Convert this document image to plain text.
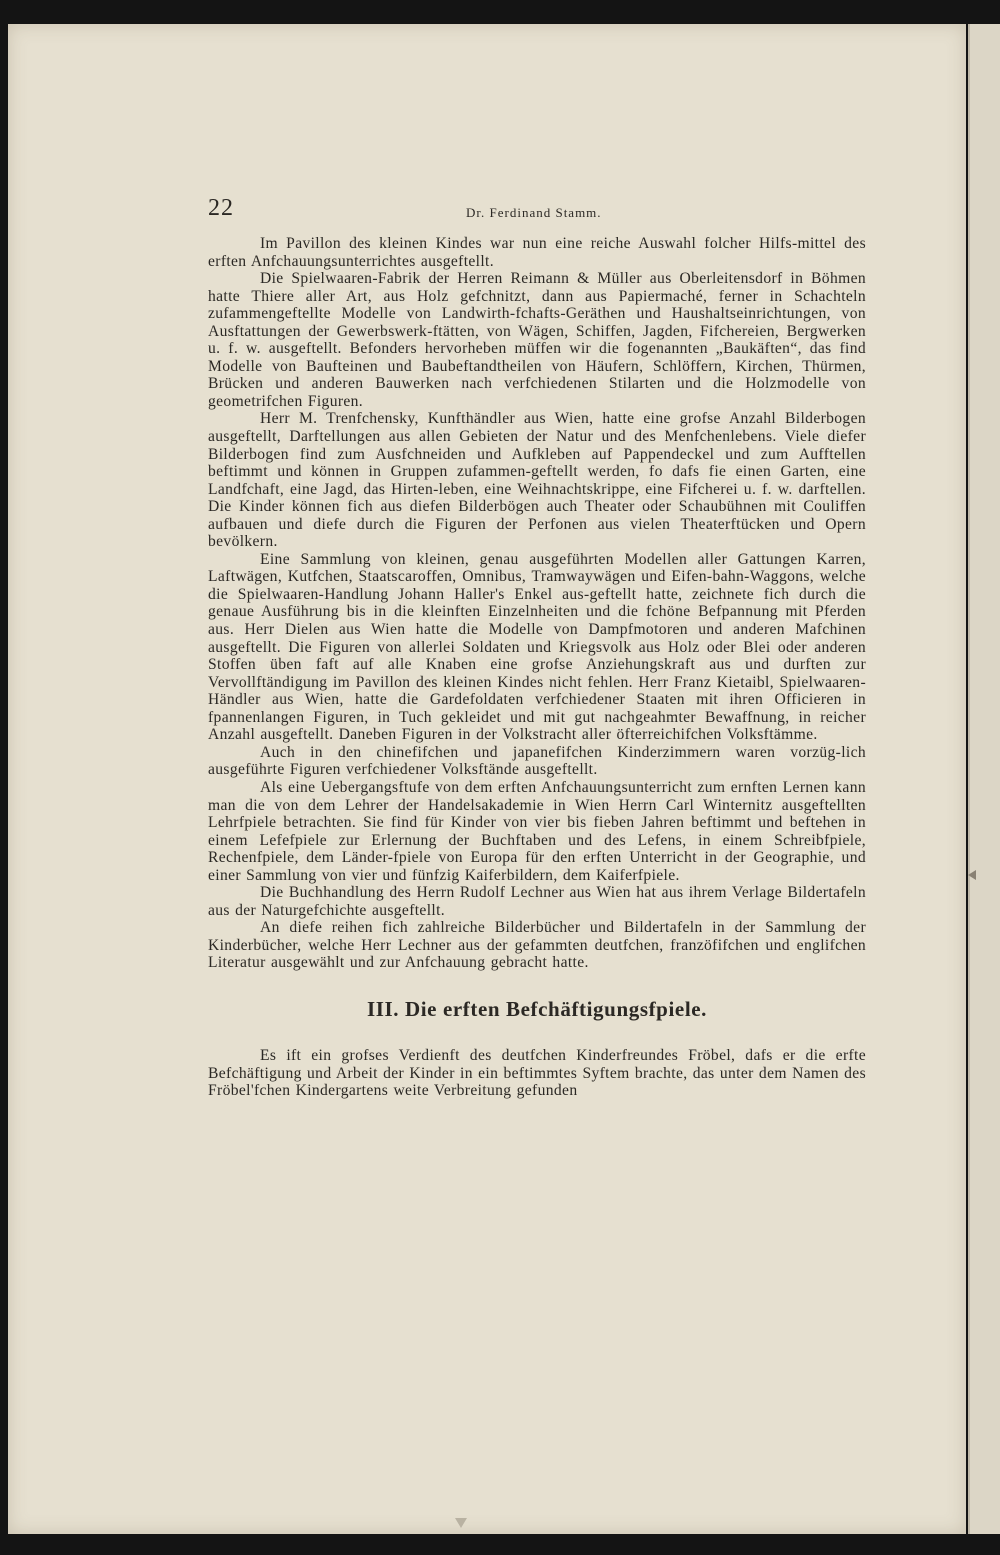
22	Dr. Ferdinand Stamm.

Im Pavillon des kleinen Kindes war nun eine reiche Auswahl folcher Hilfs-mittel des erften Anfchauungsunterrichtes ausgeftellt.

Die Spielwaaren-Fabrik der Herren Reimann & Müller aus Oberleitensdorf in Böhmen hatte Thiere aller Art, aus Holz gefchnitzt, dann aus Papiermaché, ferner in Schachteln zufammengeftellte Modelle von Landwirth-fchafts-Geräthen und Haushaltseinrichtungen, von Ausftattungen der Gewerbswerk-ftätten, von Wägen, Schiffen, Jagden, Fifchereien, Bergwerken u. f. w. ausgeftellt. Befonders hervorheben müffen wir die fogenannten „Baukäften“, das find Modelle von Baufteinen und Baubeftandtheilen von Häufern, Schlöffern, Kirchen, Thürmen, Brücken und anderen Bauwerken nach verfchiedenen Stilarten und die Holzmodelle von geometrifchen Figuren.

Herr M. Trenfchensky, Kunfthändler aus Wien, hatte eine grofse Anzahl Bilderbogen ausgeftellt, Darftellungen aus allen Gebieten der Natur und des Menfchenlebens. Viele diefer Bilderbogen find zum Ausfchneiden und Aufkleben auf Pappendeckel und zum Aufftellen beftimmt und können in Gruppen zufammen-geftellt werden, fo dafs fie einen Garten, eine Landfchaft, eine Jagd, das Hirten-leben, eine Weihnachtskrippe, eine Fifcherei u. f. w. darftellen. Die Kinder können fich aus diefen Bilderbögen auch Theater oder Schaubühnen mit Couliffen aufbauen und diefe durch die Figuren der Perfonen aus vielen Theaterftücken und Opern bevölkern.

Eine Sammlung von kleinen, genau ausgeführten Modellen aller Gattungen Karren, Laftwägen, Kutfchen, Staatscaroffen, Omnibus, Tramwaywägen und Eifen-bahn-Waggons, welche die Spielwaaren-Handlung Johann Haller's Enkel aus-geftellt hatte, zeichnete fich durch die genaue Ausführung bis in die kleinften Einzelnheiten und die fchöne Befpannung mit Pferden aus. Herr Dielen aus Wien hatte die Modelle von Dampfmotoren und anderen Mafchinen ausgeftellt. Die Figuren von allerlei Soldaten und Kriegsvolk aus Holz oder Blei oder anderen Stoffen üben faft auf alle Knaben eine grofse Anziehungskraft aus und durften zur Vervollftändigung im Pavillon des kleinen Kindes nicht fehlen. Herr Franz Kietaibl, Spielwaaren-Händler aus Wien, hatte die Gardefoldaten verfchiedener Staaten mit ihren Officieren in fpannenlangen Figuren, in Tuch gekleidet und mit gut nachgeahmter Bewaffnung, in reicher Anzahl ausgeftellt. Daneben Figuren in der Volkstracht aller öfterreichifchen Volksftämme.

Auch in den chinefifchen und japanefifchen Kinderzimmern waren vorzüg-lich ausgeführte Figuren verfchiedener Volksftände ausgeftellt.

Als eine Uebergangsftufe von dem erften Anfchauungsunterricht zum ernften Lernen kann man die von dem Lehrer der Handelsakademie in Wien Herrn Carl Winternitz ausgeftellten Lehrfpiele betrachten. Sie find für Kinder von vier bis fieben Jahren beftimmt und beftehen in einem Lefefpiele zur Erlernung der Buchftaben und des Lefens, in einem Schreibfpiele, Rechenfpiele, dem Länder-fpiele von Europa für den erften Unterricht in der Geographie, und einer Sammlung von vier und fünfzig Kaiferbildern, dem Kaiferfpiele.

Die Buchhandlung des Herrn Rudolf Lechner aus Wien hat aus ihrem Verlage Bildertafeln aus der Naturgefchichte ausgeftellt.

An diefe reihen fich zahlreiche Bilderbücher und Bildertafeln in der Sammlung der Kinderbücher, welche Herr Lechner aus der gefammten deutfchen, franzöfifchen und englifchen Literatur ausgewählt und zur Anfchauung gebracht hatte.

III. Die erften Befchäftigungsfpiele.

Es ift ein grofses Verdienft des deutfchen Kinderfreundes Fröbel, dafs er die erfte Befchäftigung und Arbeit der Kinder in ein beftimmtes Syftem brachte, das unter dem Namen des Fröbel'fchen Kindergartens weite Verbreitung gefunden
